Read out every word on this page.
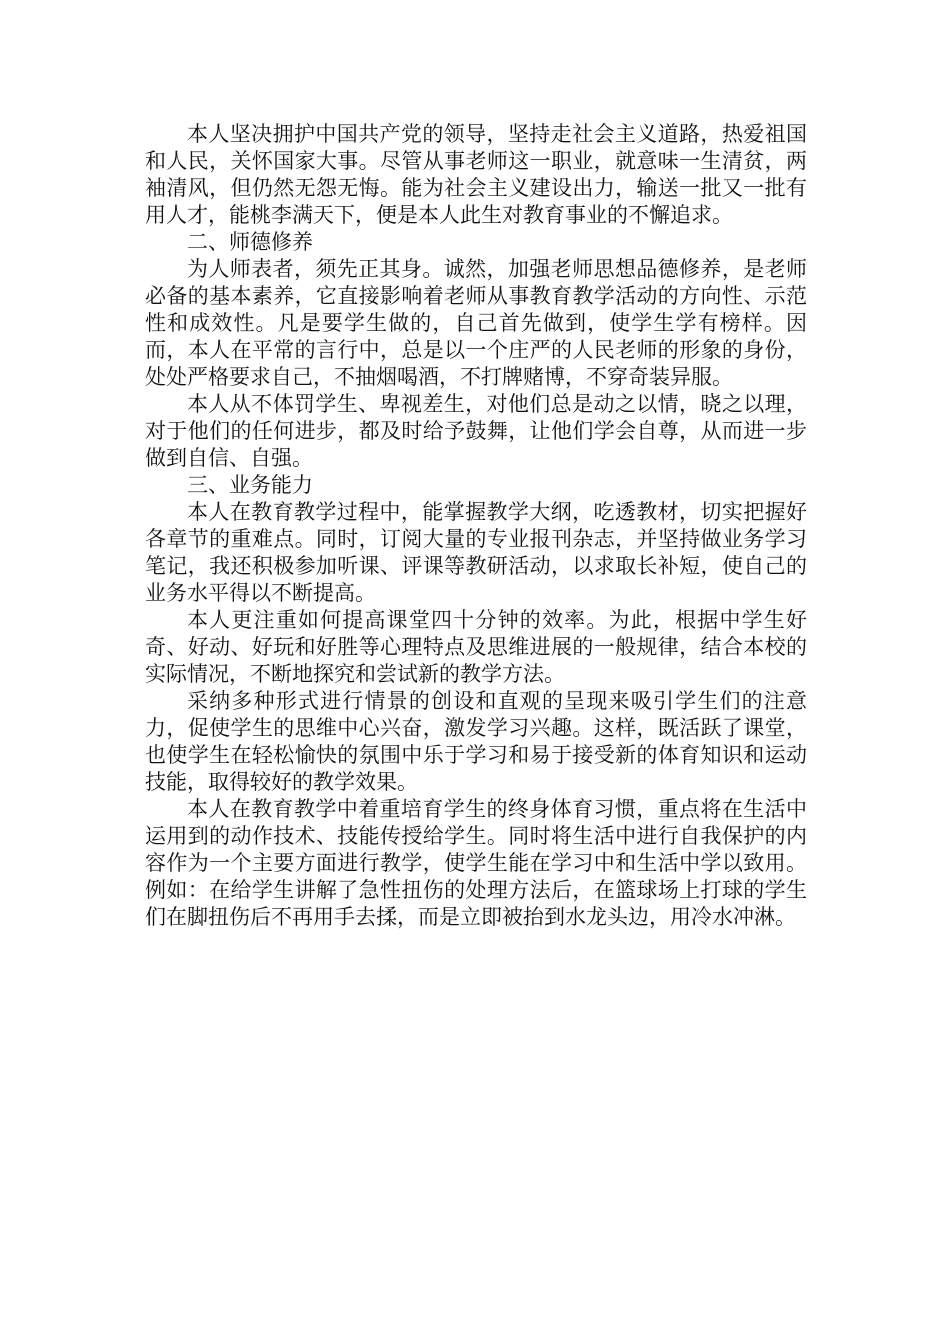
本人坚决拥护中国共产党的领导，坚持走社会主义道路，热爱祖国和人民，关怀国家大事。尽管从事老师这一职业，就意味一生清贫，两袖清风，但仍然无怨无悔。能为社会主义建设出力，输送一批又一批有用人才，能桃李满天下，便是本人此生对教育事业的不懈追求。

二、师德修养

为人师表者，须先正其身。诚然，加强老师思想品德修养，是老师必备的基本素养，它直接影响着老师从事教育教学活动的方向性、示范性和成效性。凡是要学生做的，自己首先做到，使学生学有榜样。因而，本人在平常的言行中，总是以一个庄严的人民老师的形象的身份，处处严格要求自己，不抽烟喝酒，不打牌赌博，不穿奇装异服。

本人从不体罚学生、卑视差生，对他们总是动之以情，晓之以理，对于他们的任何进步，都及时给予鼓舞，让他们学会自尊，从而进一步做到自信、自强。

三、业务能力

本人在教育教学过程中，能掌握教学大纲，吃透教材，切实把握好各章节的重难点。同时，订阅大量的专业报刊杂志，并坚持做业务学习笔记，我还积极参加听课、评课等教研活动，以求取长补短，使自己的业务水平得以不断提高。

本人更注重如何提高课堂四十分钟的效率。为此，根据中学生好奇、好动、好玩和好胜等心理特点及思维进展的一般规律，结合本校的实际情况，不断地探究和尝试新的教学方法。

采纳多种形式进行情景的创设和直观的呈现来吸引学生们的注意力，促使学生的思维中心兴奋，激发学习兴趣。这样，既活跃了课堂，也使学生在轻松愉快的氛围中乐于学习和易于接受新的体育知识和运动技能，取得较好的教学效果。

本人在教育教学中着重培育学生的终身体育习惯，重点将在生活中运用到的动作技术、技能传授给学生。同时将生活中进行自我保护的内容作为一个主要方面进行教学，使学生能在学习中和生活中学以致用。例如：在给学生讲解了急性扭伤的处理方法后，在篮球场上打球的学生们在脚扭伤后不再用手去揉，而是立即被抬到水龙头边，用冷水冲淋。
